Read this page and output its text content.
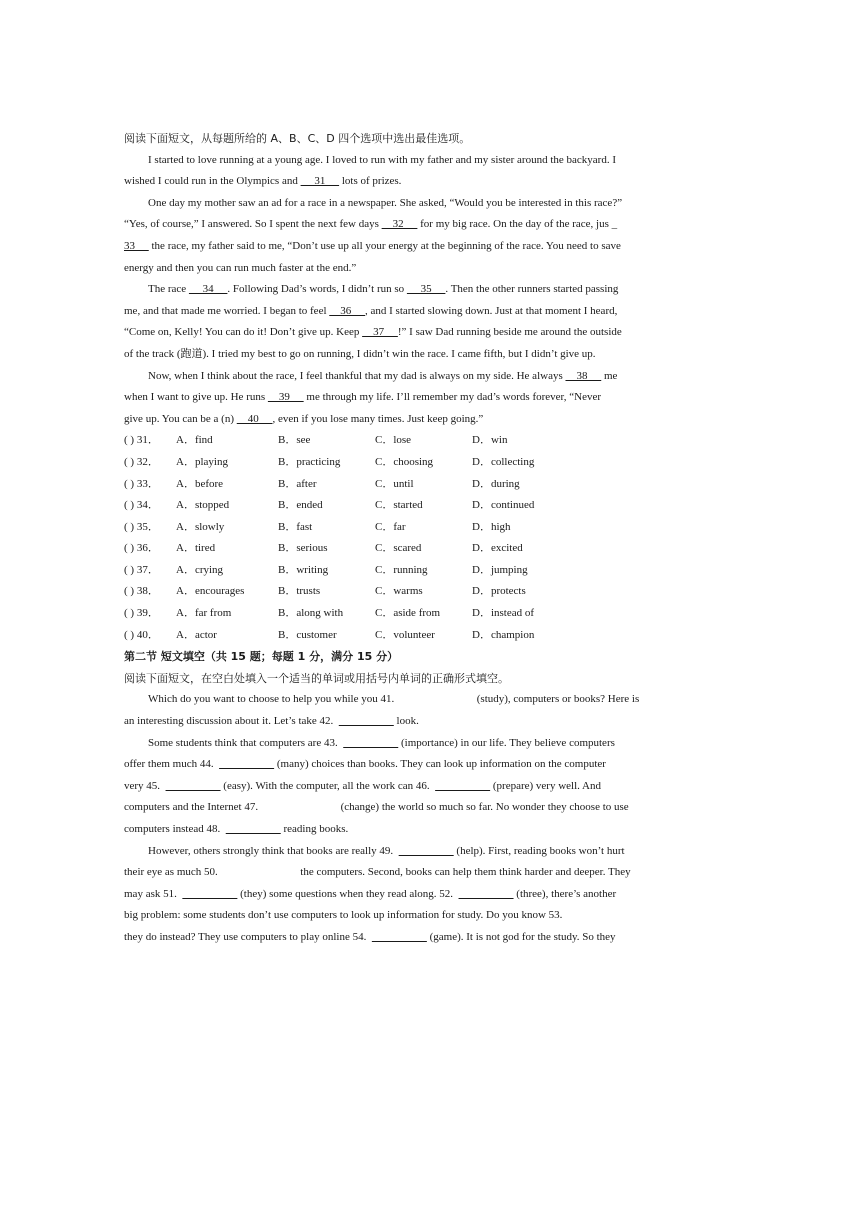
阅读下面短文，从每题所给的 A、B、C、D 四个选项中选出最佳选项。
I started to love running at a young age. I loved to run with my father and my sister around the backyard. I
wished I could run in the Olympics and      31      lots of prizes.
One day my mother saw an ad for a race in a newspaper. She asked, “Would you be interested in this race?”
“Yes, of course,” I answered. So I spent the next few days     32      for my big race. On the day of the race, jus _
33      the race, my father said to me, “Don’t use up all your energy at the beginning of the race. You need to save
energy and then you can run much faster at the end.”
The race      34     . Following Dad’s words, I didn’t run so      35     . Then the other runners started passing
me, and that made me worried. I began to feel     36     , and I started slowing down. Just at that moment I heard,
“Come on, Kelly! You can do it! Don’t give up. Keep     37     !” I saw Dad running beside me around the outside
of the track (跑道). I tried my best to go on running, I didn’t win the race. I came fifth, but I didn’t give up.
Now, when I think about the race, I feel thankful that my dad is always on my side. He always     38      me
when I want to give up. He runs     39      me through my life. I’ll remember my dad’s words forever, “Never
give up. You can be a (n)     40     , even if you lose many times. Just keep going.”
( ) 31．	A．find	B．see	C．lose	D．win
( ) 32．	A．playing	B．practicing	C．choosing	D．collecting
( ) 33．	A．before	B．after	C．until	D．during
( ) 34．	A．stopped	B．ended	C．started	D．continued
( ) 35．	A．slowly	B．fast	C．far	D．high
( ) 36．	A．tired	B．serious	C．scared	D．excited
( ) 37．	A．crying	B．writing	C．running	D．jumping
( ) 38．	A．encourages	B．trusts	C．warms	D．protects
( ) 39．	A．far from	B．along with	C．aside from	D．instead of
( ) 40．	A．actor	B．customer	C．volunteer	D．champion
第二节 短文填空（共 15 题；每题 1 分，满分 15 分）
阅读下面短文，在空白处填入一个适当的单词或用括号内单词的正确形式填空。
Which do you want to choose to help you while you 41.	(study), computers or books? Here is
an interesting discussion about it. Let’s take 42.	look.
Some students think that computers are 43.	(importance) in our life. They believe computers
offer them much 44.	(many) choices than books. They can look up information on the computer
very 45.	(easy). With the computer, all the work can 46.	(prepare) very well. And
computers and the Internet 47.	(change) the world so much so far. No wonder they choose to use
computers instead 48.	reading books.
However, others strongly think that books are really 49.	(help). First, reading books won’t hurt
their eye as much 50.	the computers. Second, books can help them think harder and deeper. They
may ask 51.	(they) some questions when they read along. 52.	(three), there’s another
big problem: some students don’t use computers to look up information for study. Do you know 53.
they do instead? They use computers to play online 54.	(game). It is not god for the study. So they
